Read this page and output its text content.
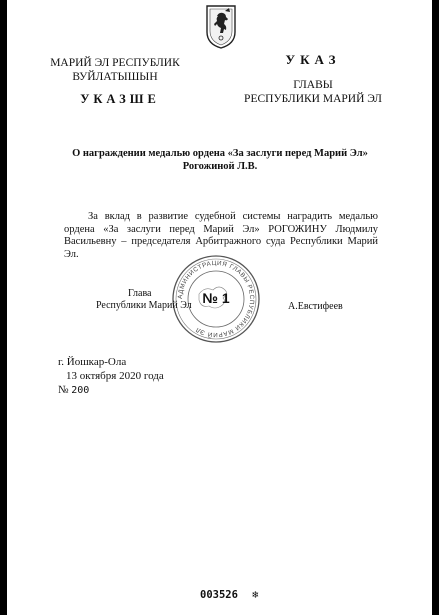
МАРИЙ ЭЛ РЕСПУБЛИК
ВУЙЛАТЫШЫН
УКАЗШЕ
ГЛАВЫ
РЕСПУБЛИКИ МАРИЙ ЭЛ
УКАЗ
О награждении медалью ордена «За заслуги перед Марий Эл»
Рогожиной Л.В.

За вклад в развитие судебной системы наградить медалью ордена «За заслуги перед Марий Эл» РОГОЖИНУ Людмилу Васильевну – председателя Арбитражного суда Республики Марий Эл.

АДМИНИСТРАЦИЯ ГЛАВЫ РЕСПУБЛИКИ МАРИЙ ЭЛ
№ 1
Глава
Республики Марий Эл	А.Евстифеев
г. Йошкар-Ола

13 октября 2020 года
№ 200
003526 ❄
